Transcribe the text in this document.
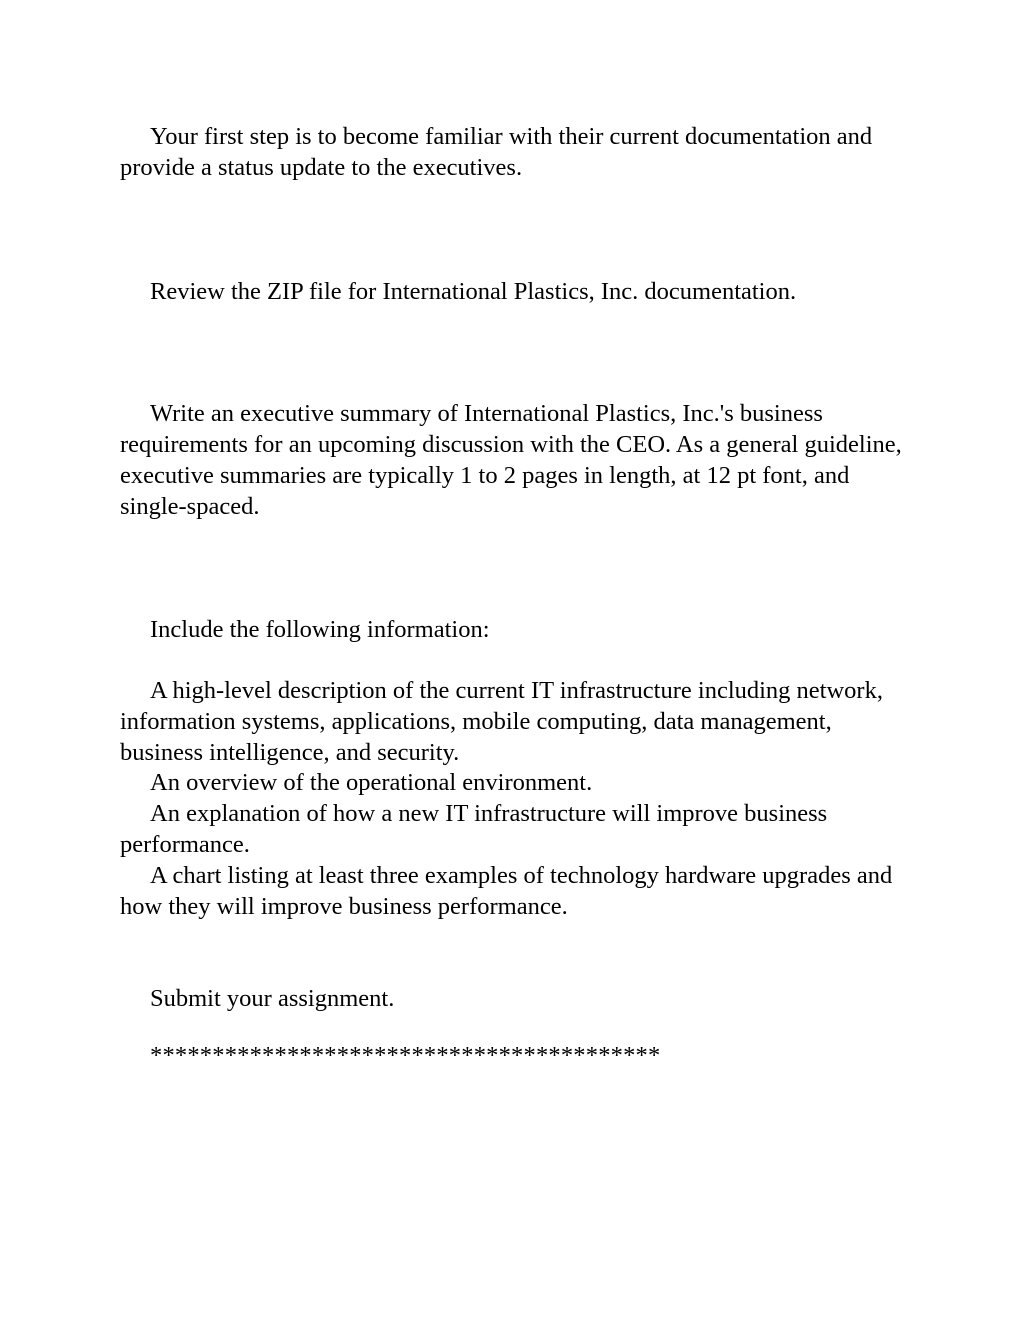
Your first step is to become familiar with their current documentation and provide a status update to the executives.

Review the ZIP file for International Plastics, Inc. documentation.

Write an executive summary of International Plastics, Inc.'s business requirements for an upcoming discussion with the CEO. As a general guideline, executive summaries are typically 1 to 2 pages in length, at 12 pt font, and single-spaced.

Include the following information:

A high-level description of the current IT infrastructure including network, information systems, applications, mobile computing, data management, business intelligence, and security.

An overview of the operational environment.

An explanation of how a new IT infrastructure will improve business performance.

A chart listing at least three examples of technology hardware upgrades and how they will improve business performance.

Submit your assignment.

*****************************************
